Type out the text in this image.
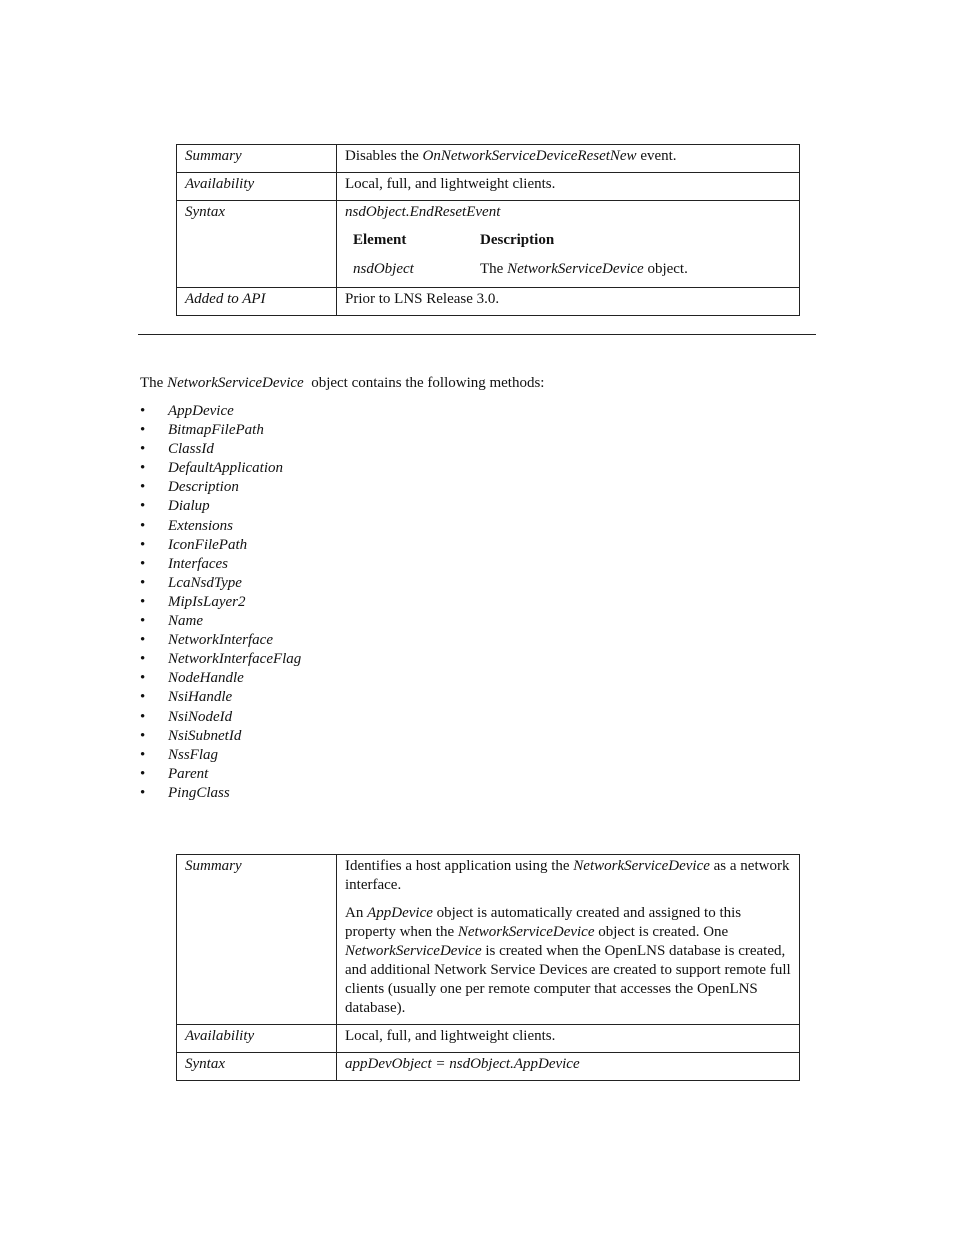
Summary	Disables the OnNetworkServiceDeviceResetNew event.
Availability	Local, full, and lightweight clients.
Syntax	nsdObject.EndResetEvent
Element	Description
nsdObject	The NetworkServiceDevice object.

Added to API	Prior to LNS Release 3.0.

The NetworkServiceDevice  object contains the following methods:

• AppDevice
• BitmapFilePath
• ClassId
• DefaultApplication
• Description
• Dialup
• Extensions
• IconFilePath
• Interfaces
• LcaNsdType
• MipIsLayer2
• Name
• NetworkInterface
• NetworkInterfaceFlag
• NodeHandle
• NsiHandle
• NsiNodeId
• NsiSubnetId
• NssFlag
• Parent
• PingClass
Summary	Identifies a host application using the NetworkServiceDevice as a network interface.

An AppDevice object is automatically created and assigned to this property when the NetworkServiceDevice object is created. One NetworkServiceDevice is created when the OpenLNS database is created, and additional Network Service Devices are created to support remote full clients (usually one per remote computer that accesses the OpenLNS database).

Availability	Local, full, and lightweight clients.
Syntax	appDevObject = nsdObject.AppDevice
